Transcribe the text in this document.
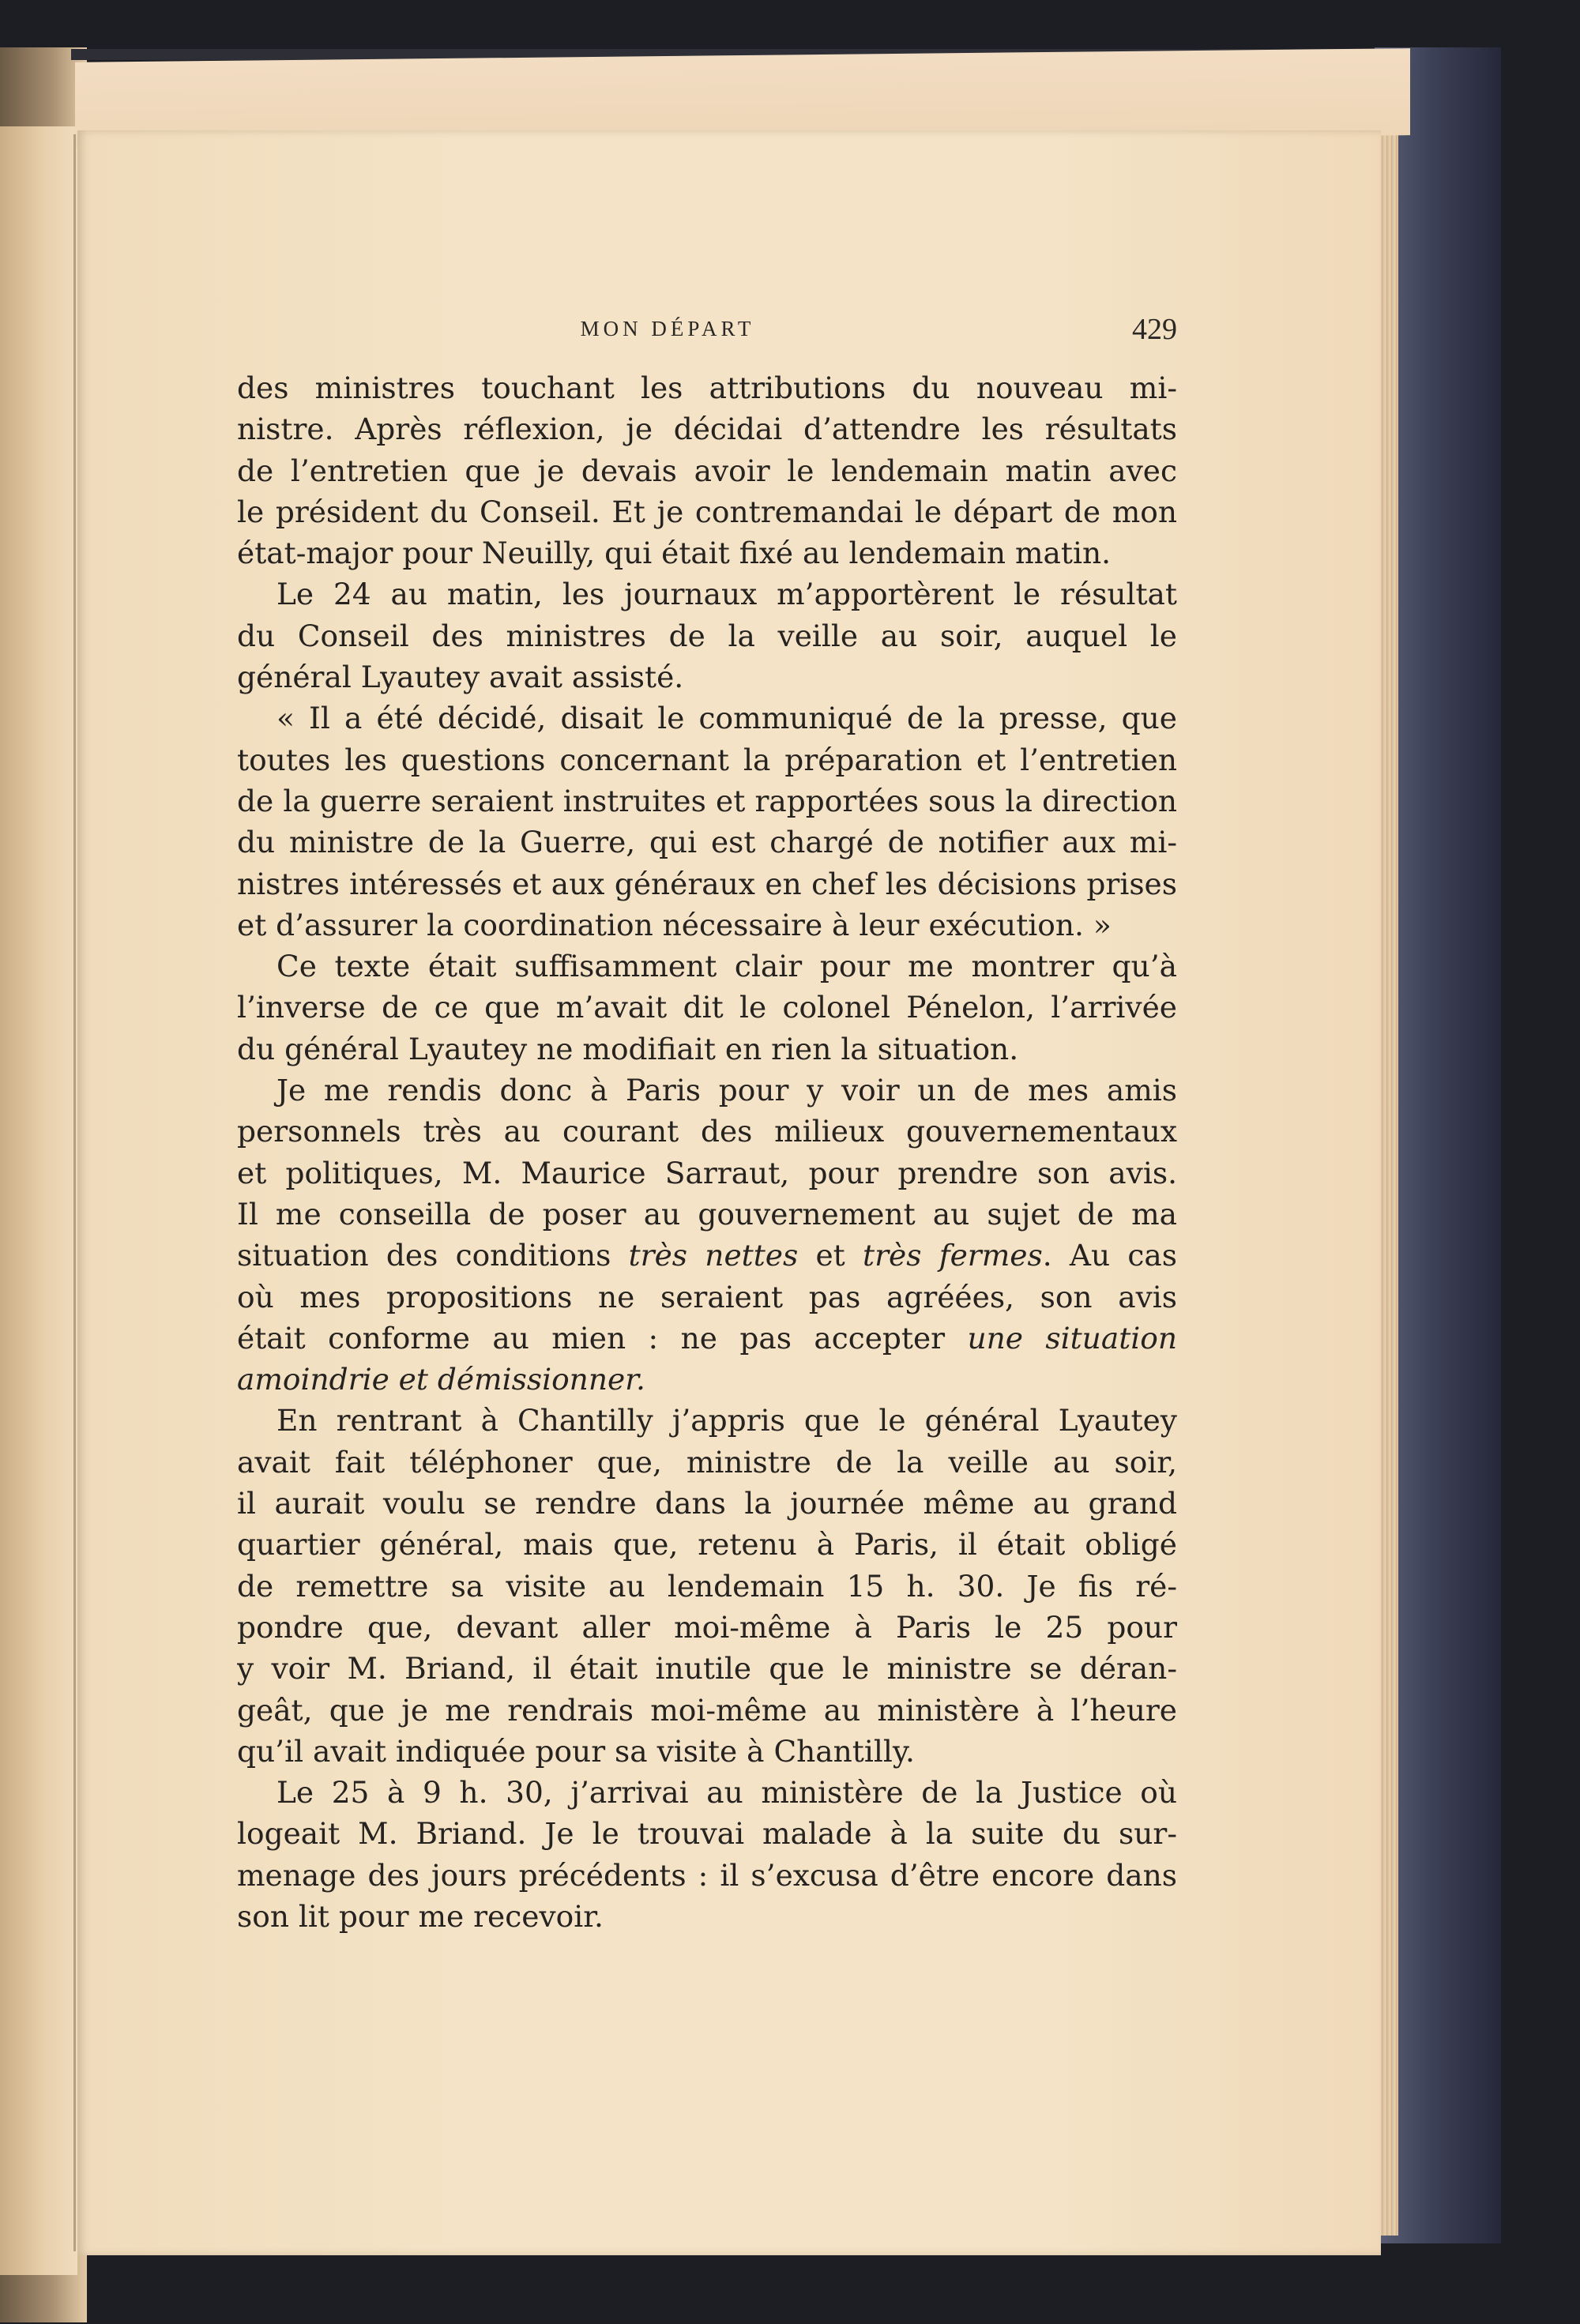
MON DÉPART	429
des ministres touchant les attributions du nouveau mi-
nistre. Après réflexion, je décidai d’attendre les résultats
de l’entretien que je devais avoir le lendemain matin avec
le président du Conseil. Et je contremandai le départ de mon
état-major pour Neuilly, qui était fixé au lendemain matin.
Le 24 au matin, les journaux m’apportèrent le résultat
du Conseil des ministres de la veille au soir, auquel le
général Lyautey avait assisté.
« Il a été décidé, disait le communiqué de la presse, que
toutes les questions concernant la préparation et l’entretien
de la guerre seraient instruites et rapportées sous la direction
du ministre de la Guerre, qui est chargé de notifier aux mi-
nistres intéressés et aux généraux en chef les décisions prises
et d’assurer la coordination nécessaire à leur exécution. »
Ce texte était suffisamment clair pour me montrer qu’à
l’inverse de ce que m’avait dit le colonel Pénelon, l’arrivée
du général Lyautey ne modifiait en rien la situation.
Je me rendis donc à Paris pour y voir un de mes amis
personnels très au courant des milieux gouvernementaux
et politiques, M. Maurice Sarraut, pour prendre son avis.
Il me conseilla de poser au gouvernement au sujet de ma
situation des conditions très nettes et très fermes. Au cas
où mes propositions ne seraient pas agréées, son avis
était conforme au mien : ne pas accepter une situation
amoindrie et démissionner.
En rentrant à Chantilly j’appris que le général Lyautey
avait fait téléphoner que, ministre de la veille au soir,
il aurait voulu se rendre dans la journée même au grand
quartier général, mais que, retenu à Paris, il était obligé
de remettre sa visite au lendemain 15 h. 30. Je fis ré-
pondre que, devant aller moi-même à Paris le 25 pour
y voir M. Briand, il était inutile que le ministre se déran-
geât, que je me rendrais moi-même au ministère à l’heure
qu’il avait indiquée pour sa visite à Chantilly.
Le 25 à 9 h. 30, j’arrivai au ministère de la Justice où
logeait M. Briand. Je le trouvai malade à la suite du sur-
menage des jours précédents : il s’excusa d’être encore dans
son lit pour me recevoir.
